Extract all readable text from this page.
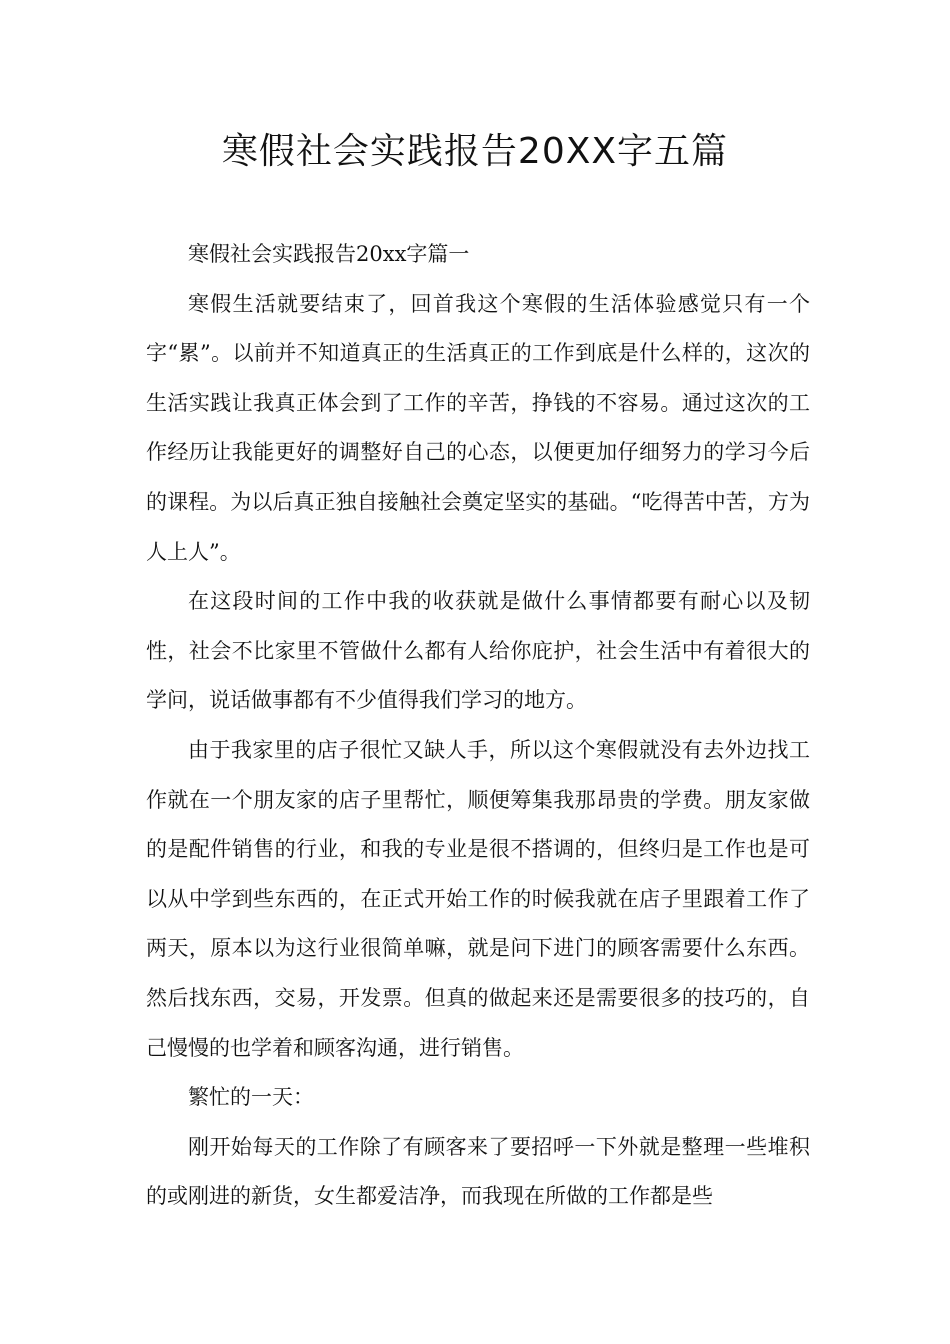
寒假社会实践报告20XX字五篇

寒假社会实践报告20xx字篇一

寒假生活就要结束了，回首我这个寒假的生活体验感觉只有一个字“累”。以前并不知道真正的生活真正的工作到底是什么样的，这次的生活实践让我真正体会到了工作的辛苦，挣钱的不容易。通过这次的工作经历让我能更好的调整好自己的心态，以便更加仔细努力的学习今后的课程。为以后真正独自接触社会奠定坚实的基础。“吃得苦中苦，方为人上人”。

在这段时间的工作中我的收获就是做什么事情都要有耐心以及韧性，社会不比家里不管做什么都有人给你庇护，社会生活中有着很大的学问，说话做事都有不少值得我们学习的地方。

由于我家里的店子很忙又缺人手，所以这个寒假就没有去外边找工作就在一个朋友家的店子里帮忙，顺便筹集我那昂贵的学费。朋友家做的是配件销售的行业，和我的专业是很不搭调的，但终归是工作也是可以从中学到些东西的，在正式开始工作的时候我就在店子里跟着工作了两天，原本以为这行业很简单嘛，就是问下进门的顾客需要什么东西。然后找东西，交易，开发票。但真的做起来还是需要很多的技巧的，自己慢慢的也学着和顾客沟通，进行销售。

繁忙的一天：

刚开始每天的工作除了有顾客来了要招呼一下外就是整理一些堆积的或刚进的新货，女生都爱洁净，而我现在所做的工作都是些
